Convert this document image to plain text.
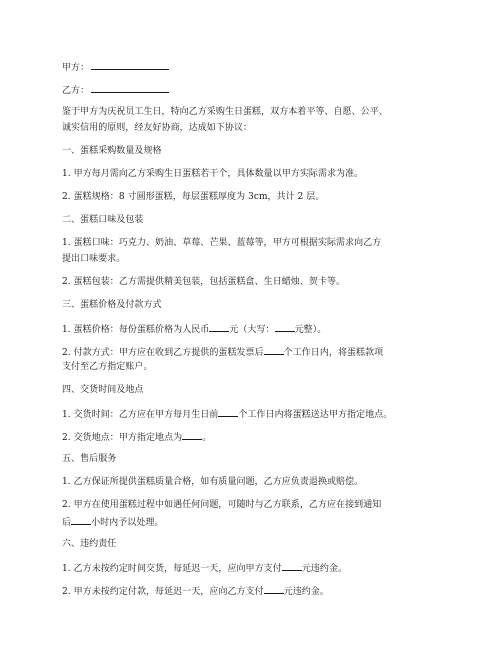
甲方：
乙方：
鉴于甲方为庆祝员工生日，特向乙方采购生日蛋糕，双方本着平等、自愿、公平、
诚实信用的原则，经友好协商，达成如下协议：
一、蛋糕采购数量及规格
1. 甲方每月需向乙方采购生日蛋糕若干个，具体数量以甲方实际需求为准。
2. 蛋糕规格：8 寸圆形蛋糕，每层蛋糕厚度为 3cm，共计 2 层。
二、蛋糕口味及包装
1. 蛋糕口味：巧克力、奶油、草莓、芒果、蓝莓等，甲方可根据实际需求向乙方
提出口味要求。
2. 蛋糕包装：乙方需提供精美包装，包括蛋糕盒、生日蜡烛、贺卡等。
三、蛋糕价格及付款方式
1. 蛋糕价格：每份蛋糕价格为人民币 元（大写： 元整）。
2. 付款方式：甲方应在收到乙方提供的蛋糕发票后 个工作日内，将蛋糕款项
支付至乙方指定账户。
四、交货时间及地点
1. 交货时间：乙方应在甲方每月生日前 个工作日内将蛋糕送达甲方指定地点。
2. 交货地点：甲方指定地点为 。
五、售后服务
1. 乙方保证所提供蛋糕质量合格，如有质量问题，乙方应负责退换或赔偿。
2. 甲方在使用蛋糕过程中如遇任何问题，可随时与乙方联系，乙方应在接到通知
后 小时内予以处理。
六、违约责任
1. 乙方未按约定时间交货，每延迟一天，应向甲方支付 元违约金。
2. 甲方未按约定付款，每延迟一天，应向乙方支付 元违约金。
